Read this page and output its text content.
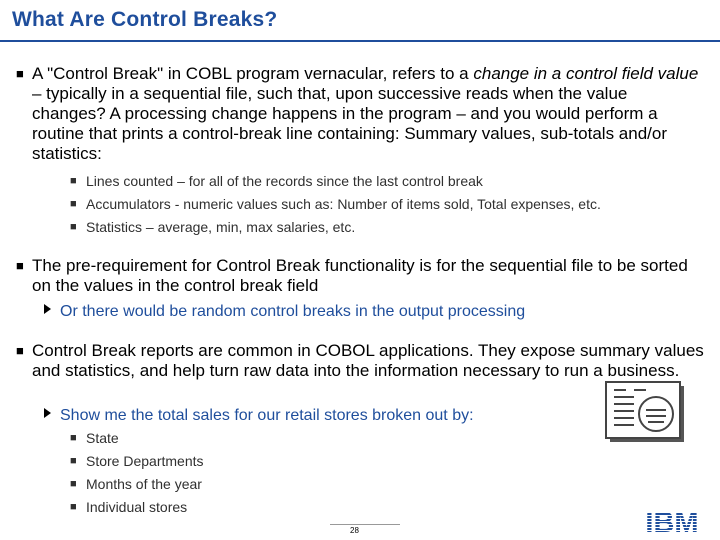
What Are Control Breaks?
■ A "Control Break" in COBL program vernacular, refers to a change in a control field value – typically in a sequential file, such that, upon successive reads when the value changes? A processing change happens in the program – and you would perform a routine that prints a control-break line containing: Summary values, sub-totals and/or statistics:
■ Lines counted – for all of the records since the last control break
■ Accumulators - numeric values such as: Number of items sold, Total expenses, etc.
■ Statistics – average, min, max salaries, etc.
■ The pre-requirement for Control Break functionality is for the sequential file to be sorted on the values in the control break field
Or there would be random control breaks in the output processing
■ Control Break reports are common in COBOL applications. They expose summary values and statistics, and help turn raw data into the information necessary to run a business.
Show me the total sales for our retail stores broken out by:
■ State
■ Store Departments
■ Months of the year
■ Individual stores
28	IBM
